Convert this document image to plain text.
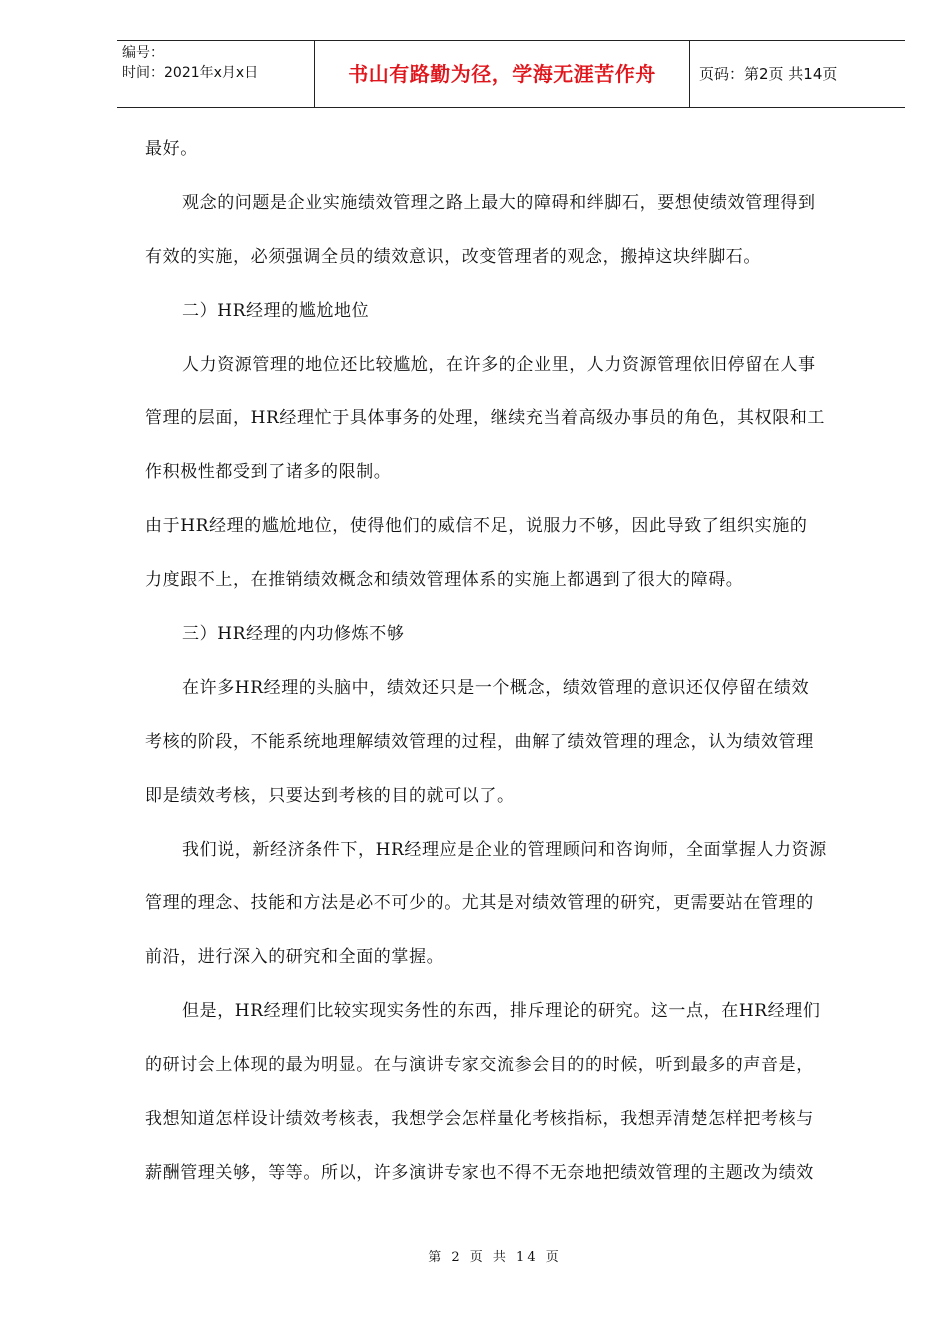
编号：
时间：2021年x月x日	书山有路勤为径，学海无涯苦作舟	页码：第2页 共14页
最好。
观念的问题是企业实施绩效管理之路上最大的障碍和绊脚石，要想使绩效管理得到
有效的实施，必须强调全员的绩效意识，改变管理者的观念，搬掉这块绊脚石。
二）HR经理的尴尬地位
人力资源管理的地位还比较尴尬，在许多的企业里，人力资源管理依旧停留在人事
管理的层面，HR经理忙于具体事务的处理，继续充当着高级办事员的角色，其权限和工
作积极性都受到了诸多的限制。
由于HR经理的尴尬地位，使得他们的威信不足，说服力不够，因此导致了组织实施的
力度跟不上，在推销绩效概念和绩效管理体系的实施上都遇到了很大的障碍。
三）HR经理的内功修炼不够
在许多HR经理的头脑中，绩效还只是一个概念，绩效管理的意识还仅停留在绩效
考核的阶段，不能系统地理解绩效管理的过程，曲解了绩效管理的理念，认为绩效管理
即是绩效考核，只要达到考核的目的就可以了。
我们说，新经济条件下，HR经理应是企业的管理顾问和咨询师，全面掌握人力资源
管理的理念、技能和方法是必不可少的。尤其是对绩效管理的研究，更需要站在管理的
前沿，进行深入的研究和全面的掌握。
但是，HR经理们比较实现实务性的东西，排斥理论的研究。这一点，在HR经理们
的研讨会上体现的最为明显。在与演讲专家交流参会目的的时候，听到最多的声音是，
我想知道怎样设计绩效考核表，我想学会怎样量化考核指标，我想弄清楚怎样把考核与
薪酬管理关够，等等。所以，许多演讲专家也不得不无奈地把绩效管理的主题改为绩效
第 2 页 共 14 页
